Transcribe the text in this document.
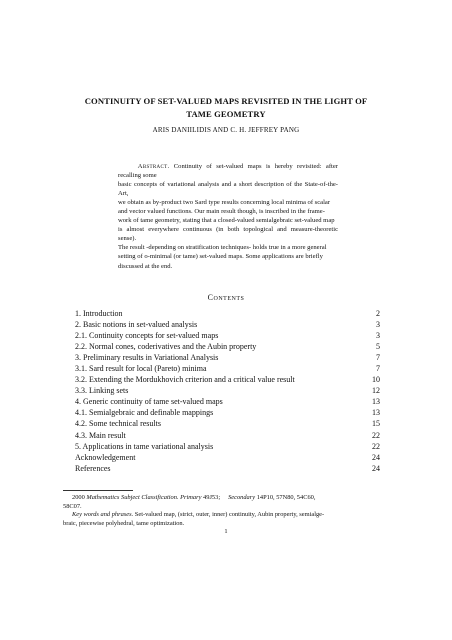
CONTINUITY OF SET-VALUED MAPS REVISITED IN THE LIGHT OF
TAME GEOMETRY
ARIS DANIILIDIS AND C. H. JEFFREY PANG
   Abstract. Continuity of set-valued maps is hereby revisited: after recalling some
basic concepts of variational analysis and a short description of the State-of-the-Art,
we obtain as by-product two Sard type results concerning local minima of scalar
and vector valued functions. Our main result though, is inscribed in the frame-
work of tame geometry, stating that a closed-valued semialgebraic set-valued map
is almost everywhere continuous (in both topological and measure-theoretic sense).
The result -depending on stratification techniques- holds true in a more general
setting of o-minimal (or tame) set-valued maps. Some applications are briefly
discussed at the end.
Contents
1. Introduction	2
2. Basic notions in set-valued analysis	3
2.1. Continuity concepts for set-valued maps	3
2.2. Normal cones, coderivatives and the Aubin property	5
3. Preliminary results in Variational Analysis	7
3.1. Sard result for local (Pareto) minima	7
3.2. Extending the Mordukhovich criterion and a critical value result	10
3.3. Linking sets	12
4. Generic continuity of tame set-valued maps	13
4.1. Semialgebraic and definable mappings	13
4.2. Some technical results	15
4.3. Main result	22
5. Applications in tame variational analysis	22
Acknowledgement	24
References	24
2000 Mathematics Subject Classification. Primary 49J53;  Secondary 14P10, 57N80, 54C60,
58C07.
Key words and phrases. Set-valued map, (strict, outer, inner) continuity, Aubin property, semialge-
braic, piecewise polyhedral, tame optimization.
1
